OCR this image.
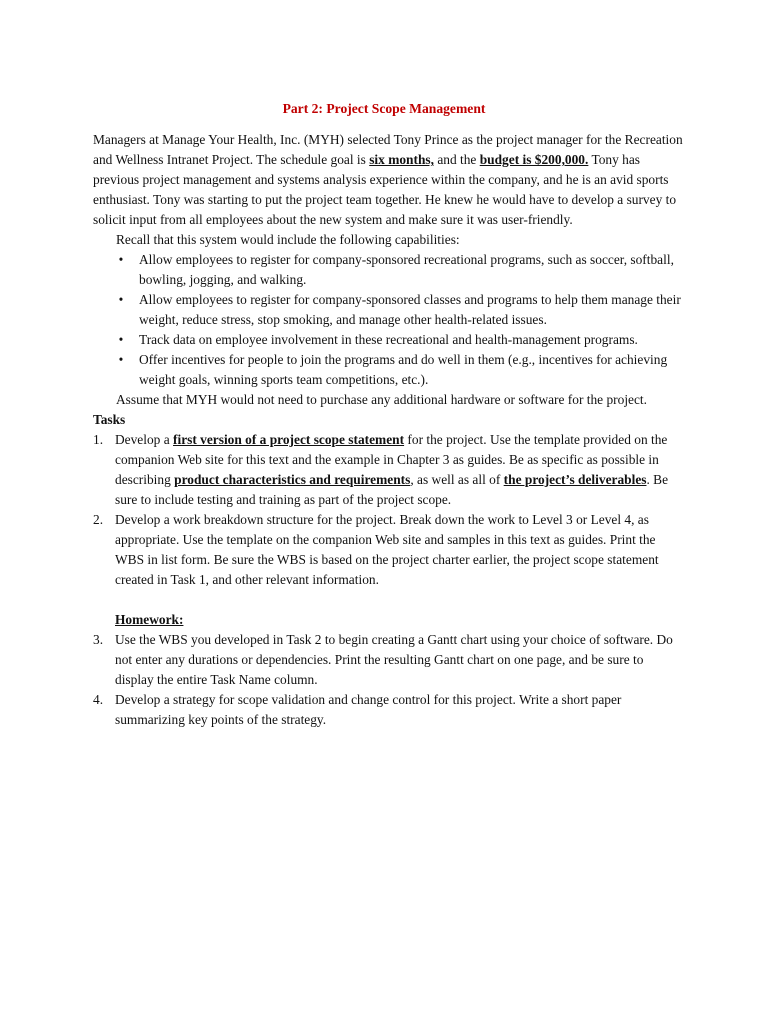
Part 2: Project Scope Management

Managers at Manage Your Health, Inc. (MYH) selected Tony Prince as the project manager for the Recreation and Wellness Intranet Project. The schedule goal is six months, and the budget is $200,000. Tony has previous project management and systems analysis experience within the company, and he is an avid sports enthusiast. Tony was starting to put the project team together. He knew he would have to develop a survey to solicit input from all employees about the new system and make sure it was user-friendly.

Recall that this system would include the following capabilities:

• Allow employees to register for company-sponsored recreational programs, such as soccer, softball, bowling, jogging, and walking.
• Allow employees to register for company-sponsored classes and programs to help them manage their weight, reduce stress, stop smoking, and manage other health-related issues.
• Track data on employee involvement in these recreational and health-management programs.
• Offer incentives for people to join the programs and do well in them (e.g., incentives for achieving weight goals, winning sports team competitions, etc.).

Assume that MYH would not need to purchase any additional hardware or software for the project.

Tasks

1. Develop a first version of a project scope statement for the project. Use the template provided on the companion Web site for this text and the example in Chapter 3 as guides. Be as specific as possible in describing product characteristics and requirements, as well as all of the project’s deliverables. Be sure to include testing and training as part of the project scope.
2. Develop a work breakdown structure for the project. Break down the work to Level 3 or Level 4, as appropriate. Use the template on the companion Web site and samples in this text as guides. Print the WBS in list form. Be sure the WBS is based on the project charter earlier, the project scope statement created in Task 1, and other relevant information.

Homework:

3. Use the WBS you developed in Task 2 to begin creating a Gantt chart using your choice of software. Do not enter any durations or dependencies. Print the resulting Gantt chart on one page, and be sure to display the entire Task Name column.
4. Develop a strategy for scope validation and change control for this project. Write a short paper summarizing key points of the strategy.
